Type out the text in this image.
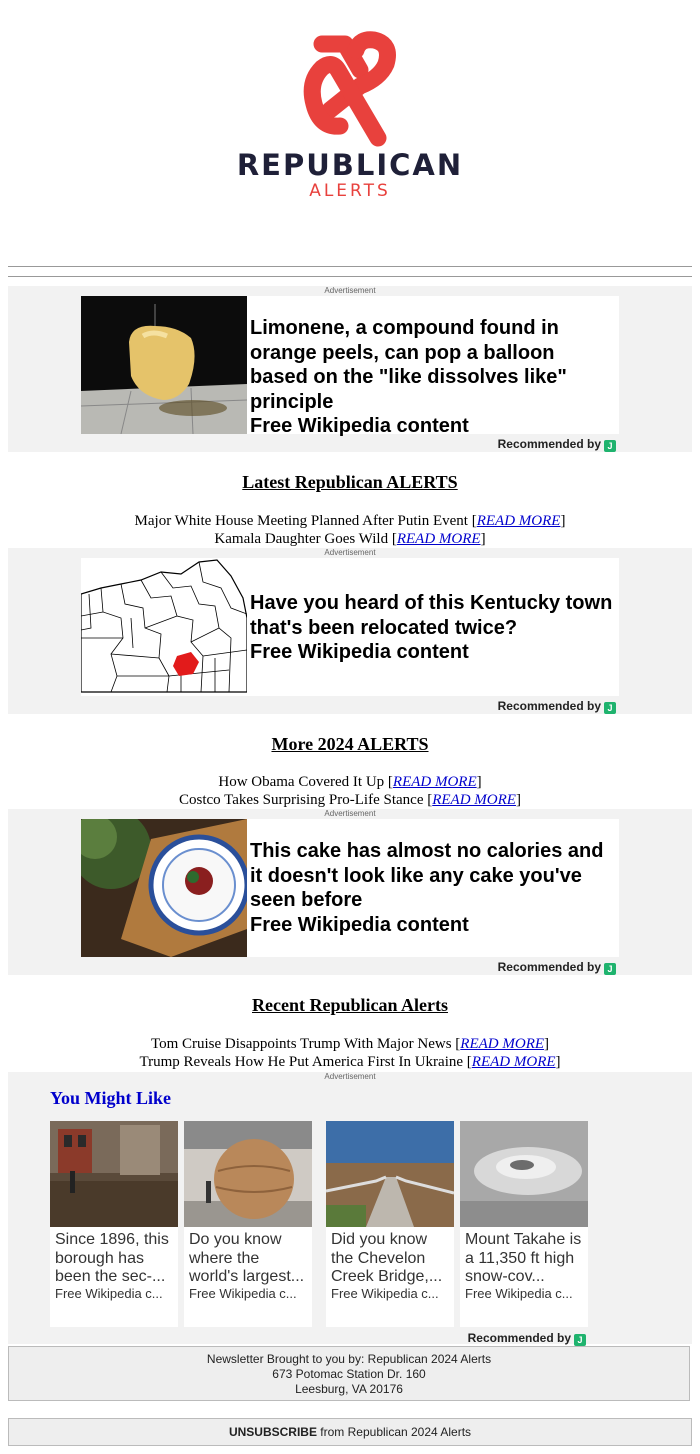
REPUBLICAN
ALERTS
Advertisement
Limonene, a compound found in orange peels, can pop a balloon based on the "like dissolves like" principle
Free Wikipedia content
Recommended by J
Latest Republican ALERTS
Major White House Meeting Planned After Putin Event [READ MORE]
Kamala Daughter Goes Wild [READ MORE]
Advertisement
Have you heard of this Kentucky town that's been relocated twice?
Free Wikipedia content
Recommended by J
More 2024 ALERTS
How Obama Covered It Up [READ MORE]
Costco Takes Surprising Pro-Life Stance [READ MORE]
Advertisement
This cake has almost no calories and it doesn't look like any cake you've seen before
Free Wikipedia content
Recommended by J
Recent Republican Alerts
Tom Cruise Disappoints Trump With Major News [READ MORE]
Trump Reveals How He Put America First In Ukraine [READ MORE]
Advertisement
You Might Like
Since 1896, this borough has been the sec-...
Free Wikipedia c...
Do you know where the world's largest...
Free Wikipedia c...
Did you know the Chevelon Creek Bridge,...
Free Wikipedia c...
Mount Takahe is a 11,350 ft high snow-cov...
Free Wikipedia c...
Recommended by J
Newsletter Brought to you by: Republican 2024 Alerts
673 Potomac Station Dr. 160
Leesburg, VA 20176
UNSUBSCRIBE from Republican 2024 Alerts
